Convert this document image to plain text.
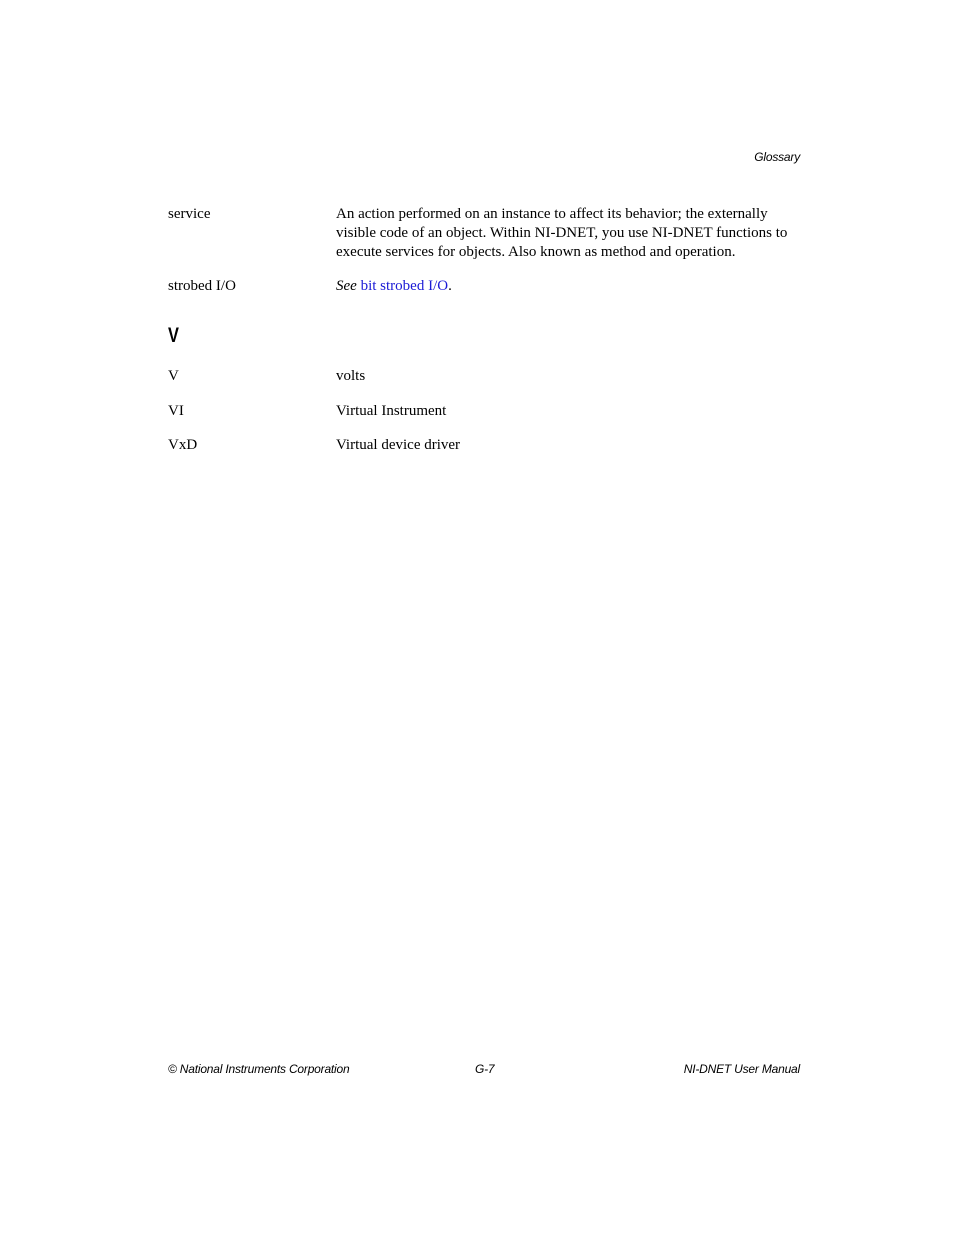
Glossary
service	An action performed on an instance to affect its behavior; the externally visible code of an object. Within NI-DNET, you use NI-DNET functions to execute services for objects. Also known as method and operation.
strobed I/O	See bit strobed I/O.
V
V	volts
VI	Virtual Instrument
VxD	Virtual device driver
© National Instruments Corporation	G-7	NI-DNET User Manual
